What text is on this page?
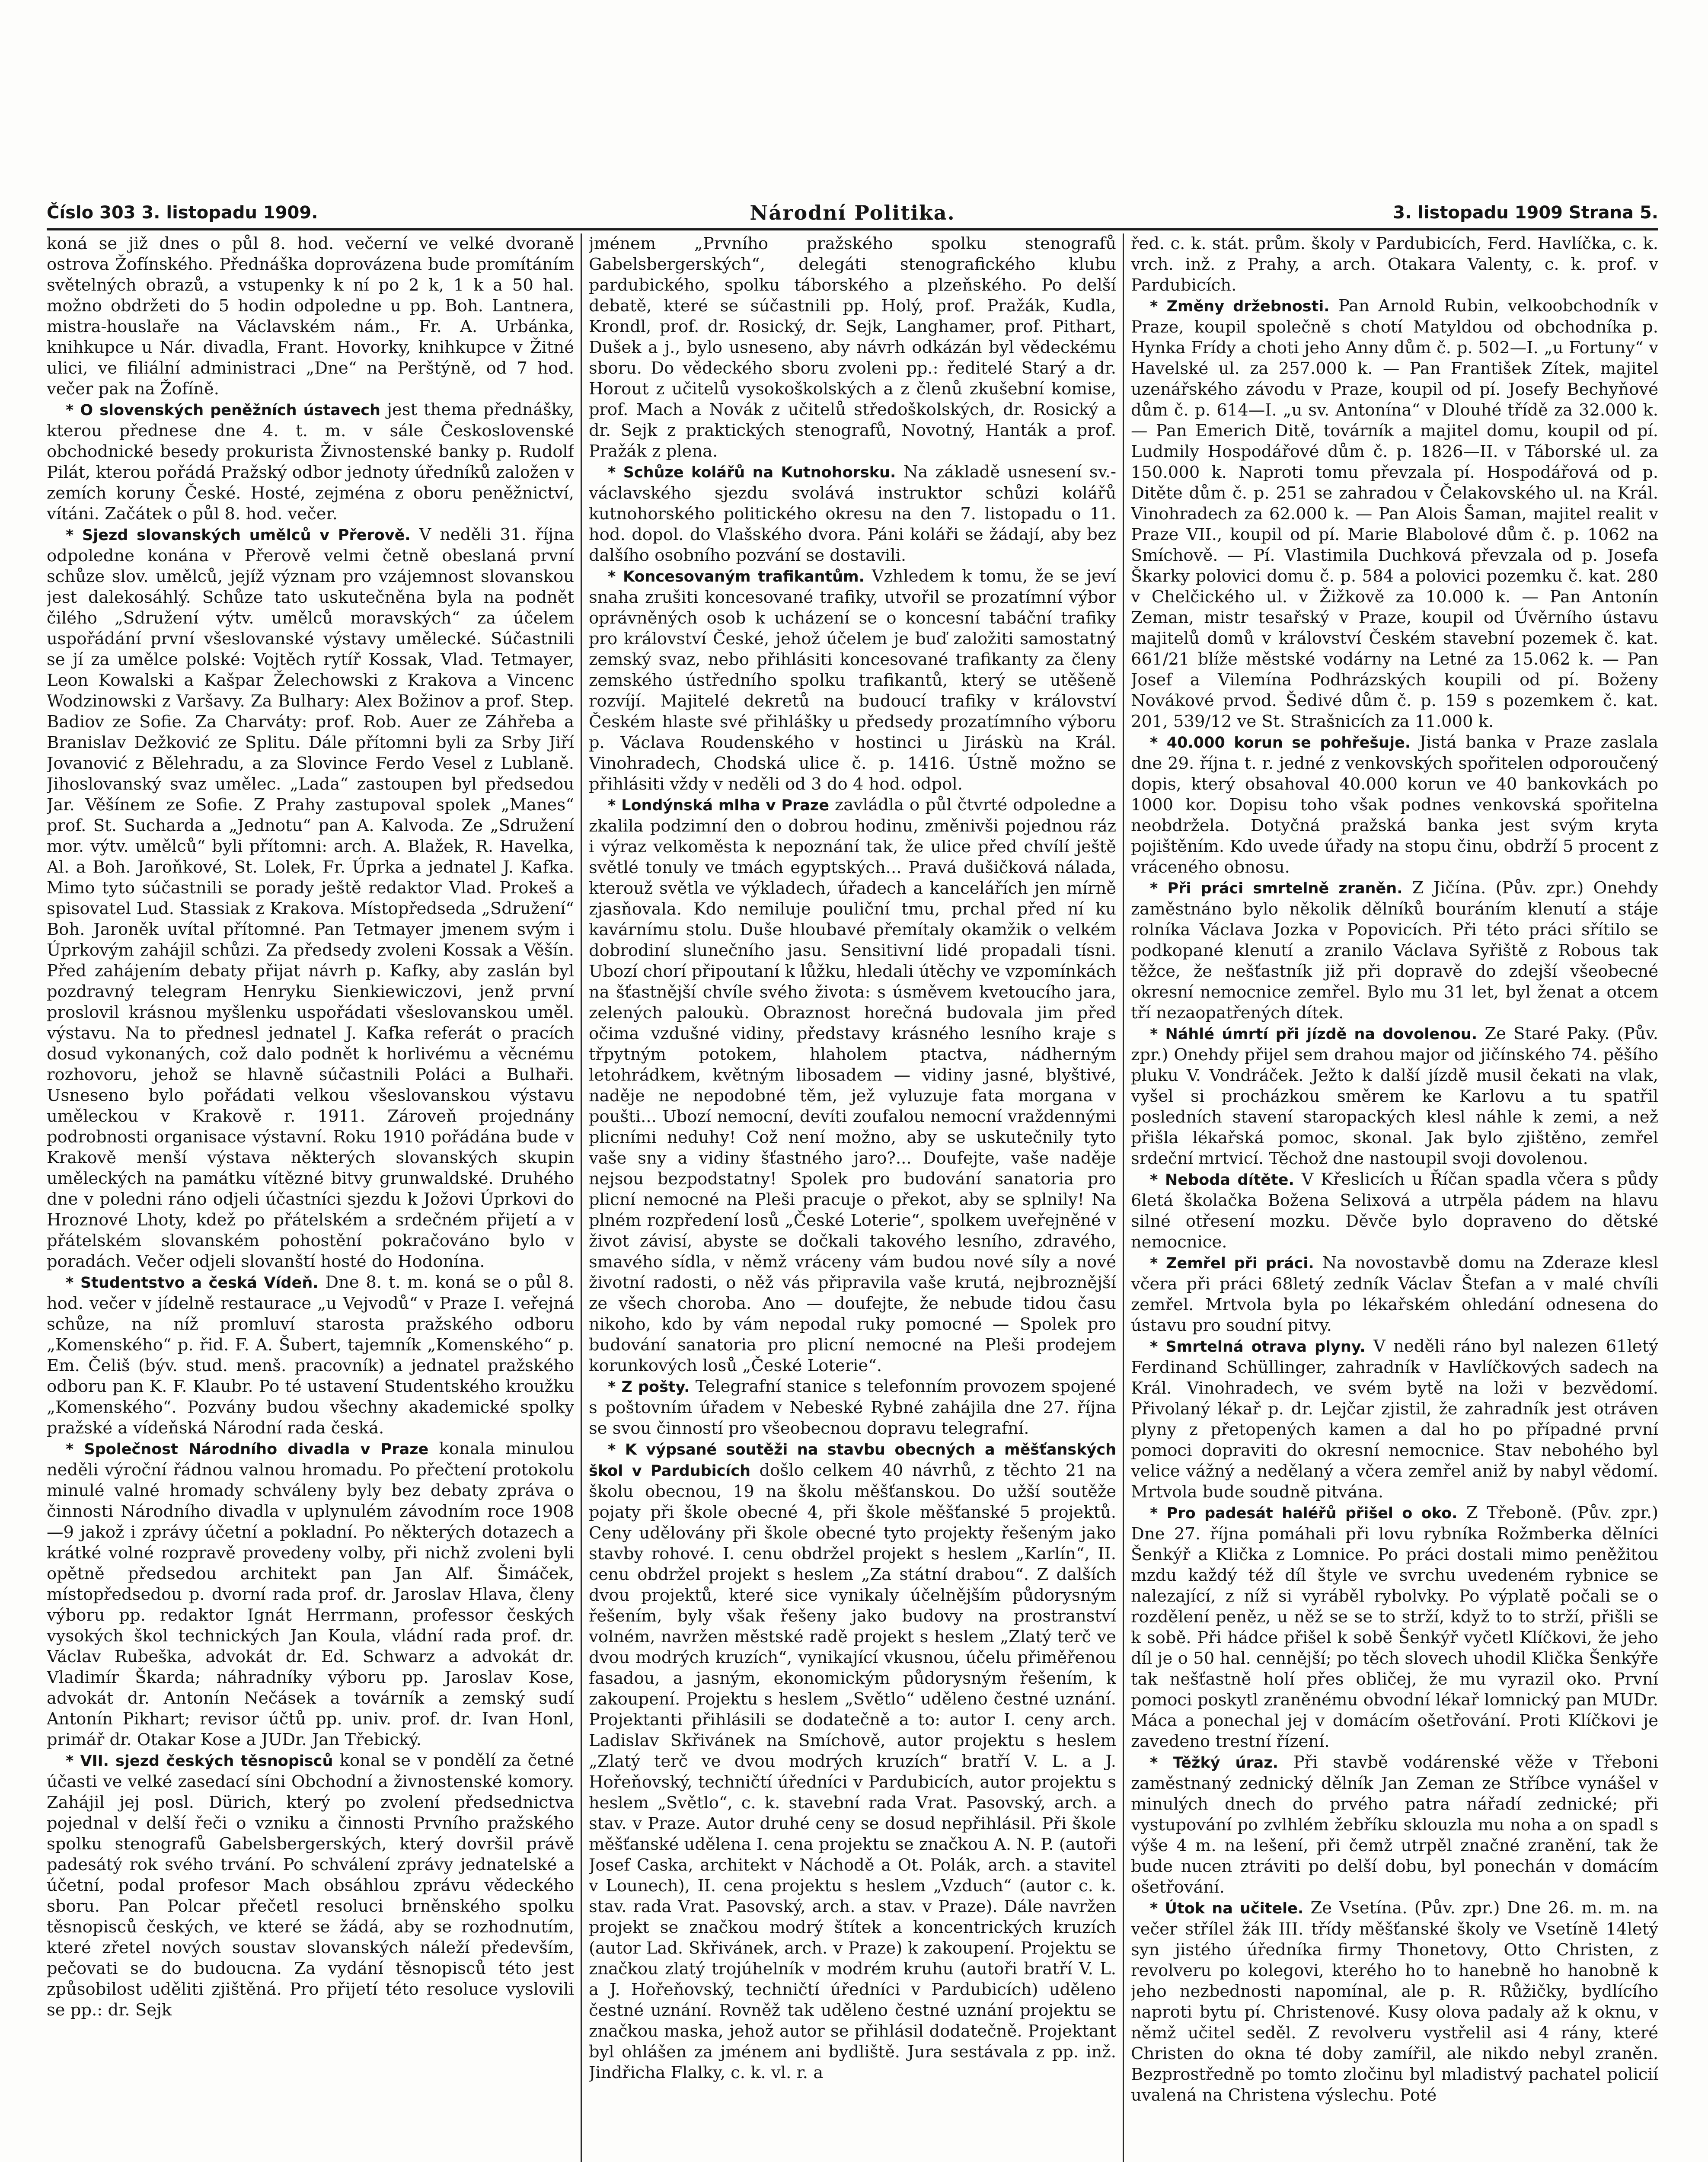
Číslo 303 3. listopadu 1909.	Národní Politika.	3. listopadu 1909 Strana 5.

koná se již dnes o půl 8. hod. večerní ve velké dvoraně ostrova Žofínského. Přednáška doprovázena bude promítáním světelných obrazů, a vstupenky k ní po 2 k, 1 k a 50 hal. možno obdržeti do 5 hodin odpoledne u pp. Boh. Lantnera, mistra-houslaře na Václavském nám., Fr. A. Urbánka, knihkupce u Nár. divadla, Frant. Hovorky, knihkupce v Žitné ulici, ve filiální administraci „Dne“ na Perštýně, od 7 hod. večer pak na Žofíně.

* O slovenských peněžních ústavech jest thema přednášky, kterou přednese dne 4. t. m. v sále Československé obchodnické besedy prokurista Živnostenské banky p. Rudolf Pilát, kterou pořádá Pražský odbor jednoty úředníků založen v zemích koruny České. Hosté, zejména z oboru peněžnictví, vítáni. Začátek o půl 8. hod. večer.

* Sjezd slovanských umělců v Přerově. V neděli 31. října odpoledne konána v Přerově velmi četně obeslaná první schůze slov. umělců, jejíž význam pro vzájemnost slovanskou jest dalekosáhlý. Schůze tato uskutečněna byla na podnět čilého „Sdružení výtv. umělců moravských“ za účelem uspořádání první všeslovanské výstavy umělecké. Súčastnili se jí za umělce polské: Vojtěch rytíř Kossak, Vlad. Tetmayer, Leon Kowalski a Kašpar Želechowski z Krakova a Vincenc Wodzinowski z Varšavy. Za Bulhary: Alex Božinov a prof. Step. Badiov ze Sofie. Za Charváty: prof. Rob. Auer ze Záhřeba a Branislav Dežković ze Splitu. Dále přítomni byli za Srby Jiří Jovanović z Bělehradu, a za Slovince Ferdo Vesel z Lublaně. Jihoslovanský svaz umělec. „Lada“ zastoupen byl předsedou Jar. Věšínem ze Sofie. Z Prahy zastupoval spolek „Manes“ prof. St. Sucharda a „Jednotu“ pan A. Kalvoda. Ze „Sdružení mor. výtv. umělců“ byli přítomni: arch. A. Blažek, R. Havelka, Al. a Boh. Jaroňkové, St. Lolek, Fr. Úprka a jednatel J. Kafka. Mimo tyto súčastnili se porady ještě redaktor Vlad. Prokeš a spisovatel Lud. Stassiak z Krakova. Místopředseda „Sdružení“ Boh. Jaroněk uvítal přítomné. Pan Tetmayer jmenem svým i Úprkovým zahájil schůzi. Za předsedy zvoleni Kossak a Věšín. Před zahájením debaty přijat návrh p. Kafky, aby zaslán byl pozdravný telegram Henryku Sienkiewiczovi, jenž první proslovil krásnou myšlenku uspořádati všeslovanskou uměl. výstavu. Na to přednesl jednatel J. Kafka referát o pracích dosud vykonaných, což dalo podnět k horlivému a věcnému rozhovoru, jehož se hlavně súčastnili Poláci a Bulhaři. Usneseno bylo pořádati velkou všeslovanskou výstavu uměleckou v Krakově r. 1911. Zároveň projednány podrobnosti organisace výstavní. Roku 1910 pořádána bude v Krakově menší výstava některých slovanských skupin uměleckých na památku vítězné bitvy grunwaldské. Druhého dne v poledni ráno odjeli účastníci sjezdu k Jožovi Úprkovi do Hroznové Lhoty, kdež po přátelském a srdečném přijetí a v přátelském slovanském pohostění pokračováno bylo v poradách. Večer odjeli slovanští hosté do Hodonína.

* Studentstvo a česká Vídeň. Dne 8. t. m. koná se o půl 8. hod. večer v jídelně restaurace „u Vejvodů“ v Praze I. veřejná schůze, na níž promluví starosta pražského odboru „Komenského“ p. řid. F. A. Šubert, tajemník „Komenského“ p. Em. Čeliš (býv. stud. menš. pracovník) a jednatel pražského odboru pan K. F. Klaubr. Po té ustavení Studentského kroužku „Komenského“. Pozvány budou všechny akademické spolky pražské a vídeňská Národní rada česká.

* Společnost Národního divadla v Praze konala minulou neděli výroční řádnou valnou hromadu. Po přečtení protokolu minulé valné hromady schváleny byly bez debaty zpráva o činnosti Národního divadla v uplynulém závodním roce 1908—9 jakož i zprávy účetní a pokladní. Po některých dotazech a krátké volné rozpravě provedeny volby, při nichž zvoleni byli opětně předsedou architekt pan Jan Alf. Šimáček, místopředsedou p. dvorní rada prof. dr. Jaroslav Hlava, členy výboru pp. redaktor Ignát Herrmann, professor českých vysokých škol technických Jan Koula, vládní rada prof. dr. Václav Rubeška, advokát dr. Ed. Schwarz a advokát dr. Vladimír Škarda; náhradníky výboru pp. Jaroslav Kose, advokát dr. Antonín Nečásek a továrník a zemský sudí Antonín Pikhart; revisor účtů pp. univ. prof. dr. Ivan Honl, primář dr. Otakar Kose a JUDr. Jan Třebický.

* VII. sjezd českých těsnopisců konal se v pondělí za četné účasti ve velké zasedací síni Obchodní a živnostenské komory. Zahájil jej posl. Dürich, který po zvolení předsednictva pojednal v delší řeči o vzniku a činnosti Prvního pražského spolku stenografů Gabelsbergerských, který dovršil právě padesátý rok svého trvání. Po schválení zprávy jednatelské a účetní, podal profesor Mach obsáhlou zprávu vědeckého sboru. Pan Polcar přečetl resoluci brněnského spolku těsnopisců českých, ve které se žádá, aby se rozhodnutím, které zřetel nových soustav slovanských náleží především, pečovati se do budoucna. Za vydání těsnopisců této jest způsobilost uděliti zjištěná. Pro přijetí této resoluce vyslovili se pp.: dr. Sejk

jménem „Prvního pražského spolku stenografů Gabelsbergerských“, delegáti stenografického klubu pardubického, spolku táborského a plzeňského. Po delší debatě, které se súčastnili pp. Holý, prof. Pražák, Kudla, Krondl, prof. dr. Rosický, dr. Sejk, Langhamer, prof. Pithart, Dušek a j., bylo usneseno, aby návrh odkázán byl vědeckému sboru. Do vědeckého sboru zvoleni pp.: ředitelé Starý a dr. Horout z učitelů vysokoškolských a z členů zkušební komise, prof. Mach a Novák z učitelů středoškolských, dr. Rosický a dr. Sejk z praktických stenografů, Novotný, Hanták a prof. Pražák z plena.

* Schůze kolářů na Kutnohorsku. Na základě usnesení sv.-václavského sjezdu svolává instruktor schůzi kolářů kutnohorského politického okresu na den 7. listopadu o 11. hod. dopol. do Vlašského dvora. Páni koláři se žádají, aby bez dalšího osobního pozvání se dostavili.

* Koncesovaným trafikantům. Vzhledem k tomu, že se jeví snaha zrušiti koncesované trafiky, utvořil se prozatímní výbor oprávněných osob k ucházení se o koncesní tabáční trafiky pro království České, jehož účelem je buď založiti samostatný zemský svaz, nebo přihlásiti koncesované trafikanty za členy zemského ústředního spolku trafikantů, který se utěšeně rozvíjí. Majitelé dekretů na budoucí trafiky v království Českém hlaste své přihlášky u předsedy prozatímního výboru p. Václava Roudenského v hostinci u Jiráskù na Král. Vinohradech, Chodská ulice č. p. 1416. Ústně možno se přihlásiti vždy v neděli od 3 do 4 hod. odpol.

* Londýnská mlha v Praze zavládla o půl čtvrté odpoledne a zkalila podzimní den o dobrou hodinu, změnivši pojednou ráz i výraz velkoměsta k nepoznání tak, že ulice před chvílí ještě světlé tonuly ve tmách egyptských... Pravá dušičková nálada, kterouž světla ve výkladech, úřadech a kancelářích jen mírně zjasňovala. Kdo nemiluje pouliční tmu, prchal před ní ku kavárnímu stolu. Duše hloubavé přemítaly okamžik o velkém dobrodiní slunečního jasu. Sensitivní lidé propadali tísni. Ubozí chorí připoutaní k lůžku, hledali útěchy ve vzpomínkách na šťastnější chvíle svého života: s úsměvem kvetoucího jara, zelených paloukù. Obraznost horečná budovala jim před očima vzdušné vidiny, představy krásného lesního kraje s třpytným potokem, hlaholem ptactva, nádherným letohrádkem, květným libosadem — vidiny jasné, blyštivé, naděje ne nepodobné těm, jež vyluzuje fata morgana v poušti... Ubozí nemocní, devíti zoufalou nemocní vraždennými plicními neduhy! Což není možno, aby se uskutečnily tyto vaše sny a vidiny šťastného jaro?... Doufejte, vaše naděje nejsou bezpodstatny! Spolek pro budování sanatoria pro plicní nemocné na Pleši pracuje o překot, aby se splnily! Na plném rozpředení losů „České Loterie“, spolkem uveřejněné v život závisí, abyste se dočkali takového lesního, zdravého, smavého sídla, v němž vráceny vám budou nové síly a nové životní radosti, o něž vás připravila vaše krutá, nejbroznější ze všech choroba. Ano — doufejte, že nebude tidou času nikoho, kdo by vám nepodal ruky pomocné — Spolek pro budování sanatoria pro plicní nemocné na Pleši prodejem korunkových losů „České Loterie“.

* Z pošty. Telegrafní stanice s telefonním provozem spojené s poštovním úřadem v Nebeské Rybné zahájila dne 27. října se svou činností pro všeobecnou dopravu telegrafní.

* K výpsané soutěži na stavbu obecných a měšťanských škol v Pardubicích došlo celkem 40 návrhů, z těchto 21 na školu obecnou, 19 na školu měšťanskou. Do užší soutěže pojaty při škole obecné 4, při škole měšťanské 5 projektů. Ceny udělovány při škole obecné tyto projekty řešeným jako stavby rohové. I. cenu obdržel projekt s heslem „Karlín“, II. cenu obdržel projekt s heslem „Za státní drabou“. Z dalších dvou projektů, které sice vynikaly účelnějším půdorysným řešením, byly však řešeny jako budovy na prostranství volném, navržen městské radě projekt s heslem „Zlatý terč ve dvou modrých kruzích“, vynikající vkusnou, účelu přiměřenou fasadou, a jasným, ekonomickým půdorysným řešením, k zakoupení. Projektu s heslem „Světlo“ uděleno čestné uznání. Projektanti přihlásili se dodatečně a to: autor I. ceny arch. Ladislav Skřivánek na Smíchově, autor projektu s heslem „Zlatý terč ve dvou modrých kruzích“ bratří V. L. a J. Hořeňovský, techničtí úředníci v Pardubicích, autor projektu s heslem „Světlo“, c. k. stavební rada Vrat. Pasovský, arch. a stav. v Praze. Autor druhé ceny se dosud nepřihlásil. Při škole měšťanské udělena I. cena projektu se značkou A. N. P. (autoři Josef Caska, architekt v Náchodě a Ot. Polák, arch. a stavitel v Lounech), II. cena projektu s heslem „Vzduch“ (autor c. k. stav. rada Vrat. Pasovský, arch. a stav. v Praze). Dále navržen projekt se značkou modrý štítek a koncentrických kruzích (autor Lad. Skřivánek, arch. v Praze) k zakoupení. Projektu se značkou zlatý trojúhelník v modrém kruhu (autoři bratří V. L. a J. Hořeňovský, techničtí úředníci v Pardubicích) uděleno čestné uznání. Rovněž tak uděleno čestné uznání projektu se značkou maska, jehož autor se přihlásil dodatečně. Projektant byl ohlášen za jménem ani bydliště. Jura sestávala z pp. inž. Jindřicha Flalky, c. k. vl. r. a

řed. c. k. stát. prům. školy v Pardubicích, Ferd. Havlíčka, c. k. vrch. inž. z Prahy, a arch. Otakara Valenty, c. k. prof. v Pardubicích.

* Změny držebnosti. Pan Arnold Rubin, velkoobchodník v Praze, koupil společně s chotí Matyldou od obchodníka p. Hynka Frídy a choti jeho Anny dům č. p. 502—I. „u Fortuny“ v Havelské ul. za 257.000 k. — Pan František Zítek, majitel uzenářského závodu v Praze, koupil od pí. Josefy Bechyňové dům č. p. 614—I. „u sv. Antonína“ v Dlouhé třídě za 32.000 k. — Pan Emerich Ditě, továrník a majitel domu, koupil od pí. Ludmily Hospodářové dům č. p. 1826—II. v Táborské ul. za 150.000 k. Naproti tomu převzala pí. Hospodářová od p. Ditěte dům č. p. 251 se zahradou v Čelakovského ul. na Král. Vinohradech za 62.000 k. — Pan Alois Šaman, majitel realit v Praze VII., koupil od pí. Marie Blabolové dům č. p. 1062 na Smíchově. — Pí. Vlastimila Duchková převzala od p. Josefa Škarky polovici domu č. p. 584 a polovici pozemku č. kat. 280 v Chelčického ul. v Žižkově za 10.000 k. — Pan Antonín Zeman, mistr tesařský v Praze, koupil od Úvěrního ústavu majitelů domů v království Českém stavební pozemek č. kat. 661/21 blíže městské vodárny na Letné za 15.062 k. — Pan Josef a Vilemína Podhrázských koupili od pí. Boženy Novákové prvod. Šedivé dům č. p. 159 s pozemkem č. kat. 201, 539/12 ve St. Strašnicích za 11.000 k.

* 40.000 korun se pohřešuje. Jistá banka v Praze zaslala dne 29. října t. r. jedné z venkovských spořitelen odporoučený dopis, který obsahoval 40.000 korun ve 40 bankovkách po 1000 kor. Dopisu toho však podnes venkovská spořitelna neobdržela. Dotyčná pražská banka jest svým kryta pojištěním. Kdo uvede úřady na stopu činu, obdrží 5 procent z vráceného obnosu.

* Při práci smrtelně zraněn. Z Jičína. (Pův. zpr.) Onehdy zaměstnáno bylo několik dělníků bouráním klenutí a stáje rolníka Václava Jozka v Popovicích. Při této práci sřítilo se podkopané klenutí a zranilo Václava Syřiště z Robous tak těžce, že nešťastník již při dopravě do zdejší všeobecné okresní nemocnice zemřel. Bylo mu 31 let, byl ženat a otcem tří nezaopatřených dítek.

* Náhlé úmrtí při jízdě na dovolenou. Ze Staré Paky. (Pův. zpr.) Onehdy přijel sem drahou major od jičínského 74. pěšího pluku V. Vondráček. Ježto k další jízdě musil čekati na vlak, vyšel si procházkou směrem ke Karlovu a tu spatřil posledních stavení staropackých klesl náhle k zemi, a než přišla lékařská pomoc, skonal. Jak bylo zjištěno, zemřel srdeční mrtvicí. Těchož dne nastoupil svoji dovolenou.

* Neboda dítěte. V Křeslicích u Říčan spadla včera s půdy 6letá školačka Božena Selixová a utrpěla pádem na hlavu silné otřesení mozku. Děvče bylo dopraveno do dětské nemocnice.

* Zemřel při práci. Na novostavbě domu na Zderaze klesl včera při práci 68letý zedník Václav Štefan a v malé chvíli zemřel. Mrtvola byla po lékařském ohledání odnesena do ústavu pro soudní pitvy.

* Smrtelná otrava plyny. V neděli ráno byl nalezen 61letý Ferdinand Schüllinger, zahradník v Havlíčkových sadech na Král. Vinohradech, ve svém bytě na loži v bezvědomí. Přivolaný lékař p. dr. Lejčar zjistil, že zahradník jest otráven plyny z přetopených kamen a dal ho po případné první pomoci dopraviti do okresní nemocnice. Stav nebohého byl velice vážný a nedělaný a včera zemřel aniž by nabyl vědomí. Mrtvola bude soudně pitvána.

* Pro padesát haléřů přišel o oko. Z Třeboně. (Pův. zpr.) Dne 27. října pomáhali při lovu rybníka Rožmberka dělníci Šenkýř a Klička z Lomnice. Po práci dostali mimo peněžitou mzdu každý též díl štyle ve svrchu uvedeném rybnice se nalezající, z níž si vyráběl rybolvky. Po výplatě počali se o rozdělení peněz, u něž se se to strží, když to to strží, přišli se k sobě. Při hádce přišel k sobě Šenkýř vyčetl Klíčkovi, že jeho díl je o 50 hal. cennější; po těch slovech uhodil Klička Šenkýře tak nešťastně holí přes obličej, že mu vyrazil oko. První pomoci poskytl zraněnému obvodní lékař lomnický pan MUDr. Máca a ponechal jej v domácím ošetřování. Proti Klíčkovi je zavedeno trestní řízení.

* Těžký úraz. Při stavbě vodárenské věže v Třeboni zaměstnaný zednický dělník Jan Zeman ze Stříbce vynášel v minulých dnech do prvého patra nářadí zednické; při vystupování po zvlhlém žebříku sklouzla mu noha a on spadl s výše 4 m. na lešení, při čemž utrpěl značné zranění, tak že bude nucen ztráviti po delší dobu, byl ponechán v domácím ošetřování.

* Útok na učitele. Ze Vsetína. (Pův. zpr.) Dne 26. m. m. na večer střílel žák III. třídy měšťanské školy ve Vsetíně 14letý syn jistého úředníka firmy Thonetovy, Otto Christen, z revolveru po kolegovi, kterého ho to hanebně ho hanobně k jeho nezbednosti napomínal, ale p. R. Růžičky, bydlícího naproti bytu pí. Christenové. Kusy olova padaly až k oknu, v němž učitel seděl. Z revolveru vystřelil asi 4 rány, které Christen do okna té doby zamířil, ale nikdo nebyl zraněn. Bezprostředně po tomto zločinu byl mladistvý pachatel policií uvalená na Christena výslechu. Poté
